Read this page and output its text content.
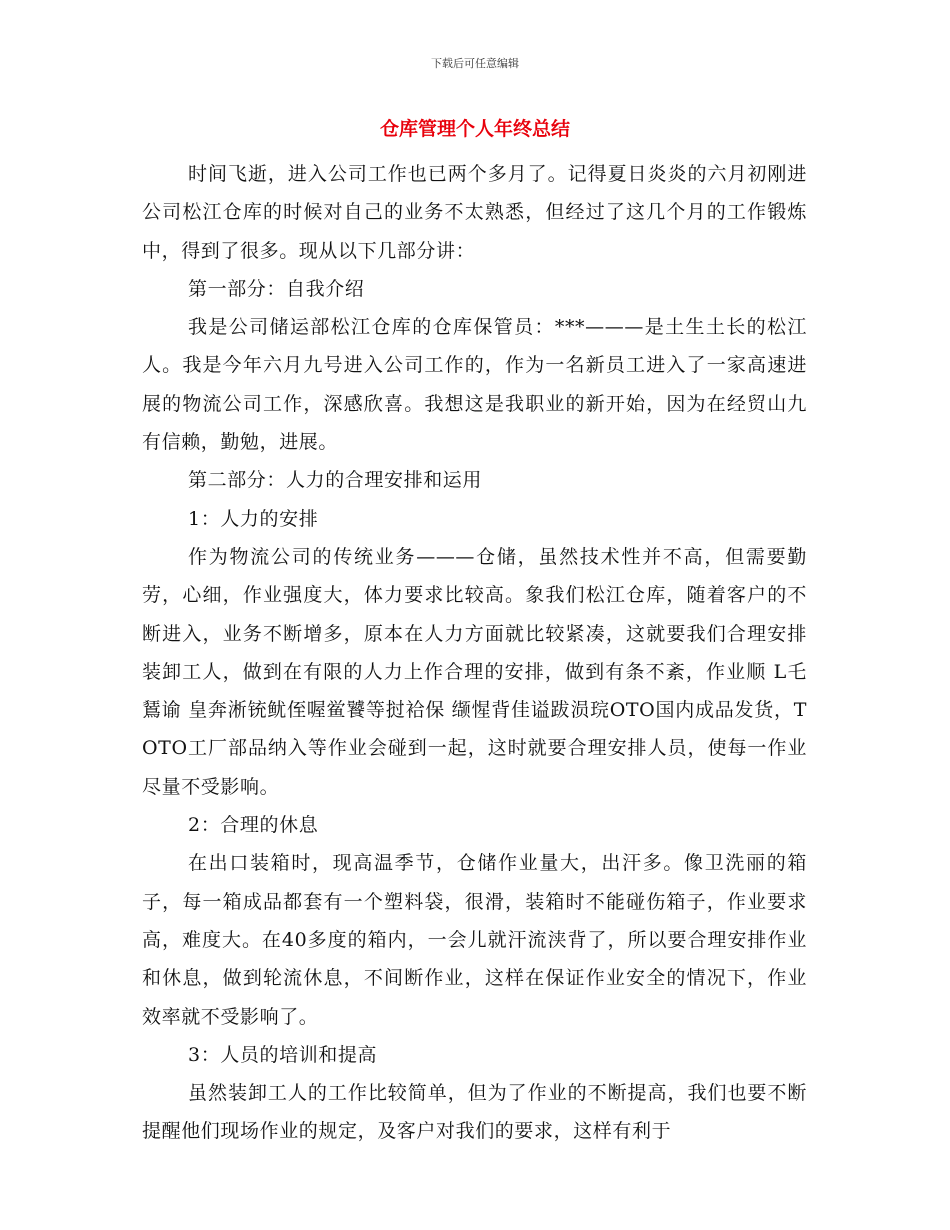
下载后可任意编辑
仓库管理个人年终总结

时间飞逝，进入公司工作也已两个多月了。记得夏日炎炎的六月初刚进公司松江仓库的时候对自己的业务不太熟悉，但经过了这几个月的工作锻炼中，得到了很多。现从以下几部分讲：

第一部分：自我介绍

我是公司储运部松江仓库的仓库保管员：***———是土生土长的松江人。我是今年六月九号进入公司工作的，作为一名新员工进入了一家高速进展的物流公司工作，深感欣喜。我想这是我职业的新开始，因为在经贸山九有信赖，勤勉，进展。

第二部分：人力的合理安排和运用

1：人力的安排

作为物流公司的传统业务———仓储，虽然技术性并不高，但需要勤劳，心细，作业强度大，体力要求比较高。象我们松江仓库，随着客户的不断进入，业务不断增多，原本在人力方面就比较紧凑，这就要我们合理安排装卸工人，做到在有限的人力上作合理的安排，做到有条不紊，作业顺 L乇鵟谕 皇奔淅铳鱿侄喔鲎饕等挝袷保 缬惺背佳谥跋涢琓OTO国内成品发货，TOTO工厂部品纳入等作业会碰到一起，这时就要合理安排人员，使每一作业尽量不受影响。

2：合理的休息

在出口装箱时，现高温季节，仓储作业量大，出汗多。像卫洗丽的箱子，每一箱成品都套有一个塑料袋，很滑，装箱时不能碰伤箱子，作业要求高，难度大。在40多度的箱内，一会儿就汗流浃背了，所以要合理安排作业和休息，做到轮流休息，不间断作业，这样在保证作业安全的情况下，作业效率就不受影响了。

3：人员的培训和提高

虽然装卸工人的工作比较简单，但为了作业的不断提高，我们也要不断提醒他们现场作业的规定，及客户对我们的要求，这样有利于
